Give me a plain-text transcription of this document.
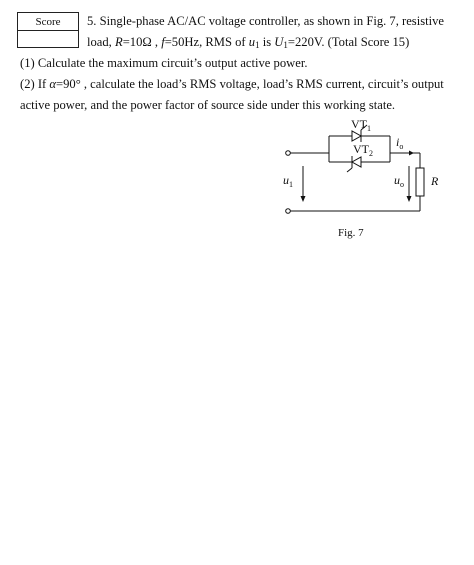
Score	5. Single-phase AC/AC voltage controller, as shown in Fig. 7, resistive
load, R=10Ω , f=50Hz, RMS of $u_1$ is $U_1=220V$. (Total Score 15)
(1) Calculate the maximum circuit’s output active power.
(2) If α=90° , calculate the load’s RMS voltage, load’s RMS current, circuit’s output
active power, and the power factor of source side under this working state.
$VT_1$
$VT_2$
$i_o$
$u_1$	$u_o$ R
Fig. 7
